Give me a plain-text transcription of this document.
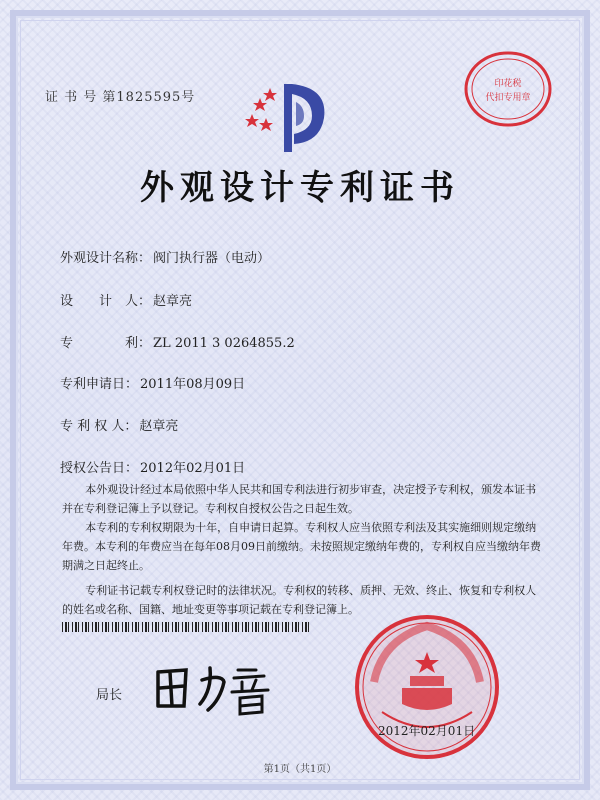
证 书 号 第1825595号
印花税
代扣专用章
外观设计专利证书
外观设计名称： 阀门执行器（电动）
设　　计　人： 赵章亮
专　　　　利： ZL 2011 3 0264855.2
专利申请日： 2011年08月09日
专 利 权 人： 赵章亮
授权公告日： 2012年02月01日

本外观设计经过本局依照中华人民共和国专利法进行初步审查，决定授予专利权，颁发本证书并在专利登记簿上予以登记。专利权自授权公告之日起生效。

本专利的专利权期限为十年，自申请日起算。专利权人应当依照专利法及其实施细则规定缴纳年费。本专利的年费应当在每年08月09日前缴纳。未按照规定缴纳年费的，专利权自应当缴纳年费期满之日起终止。

专利证书记载专利权登记时的法律状况。专利权的转移、质押、无效、终止、恢复和专利权人的姓名或名称、国籍、地址变更等事项记载在专利登记簿上。

局长
2012年02月01日
第1页（共1页）
